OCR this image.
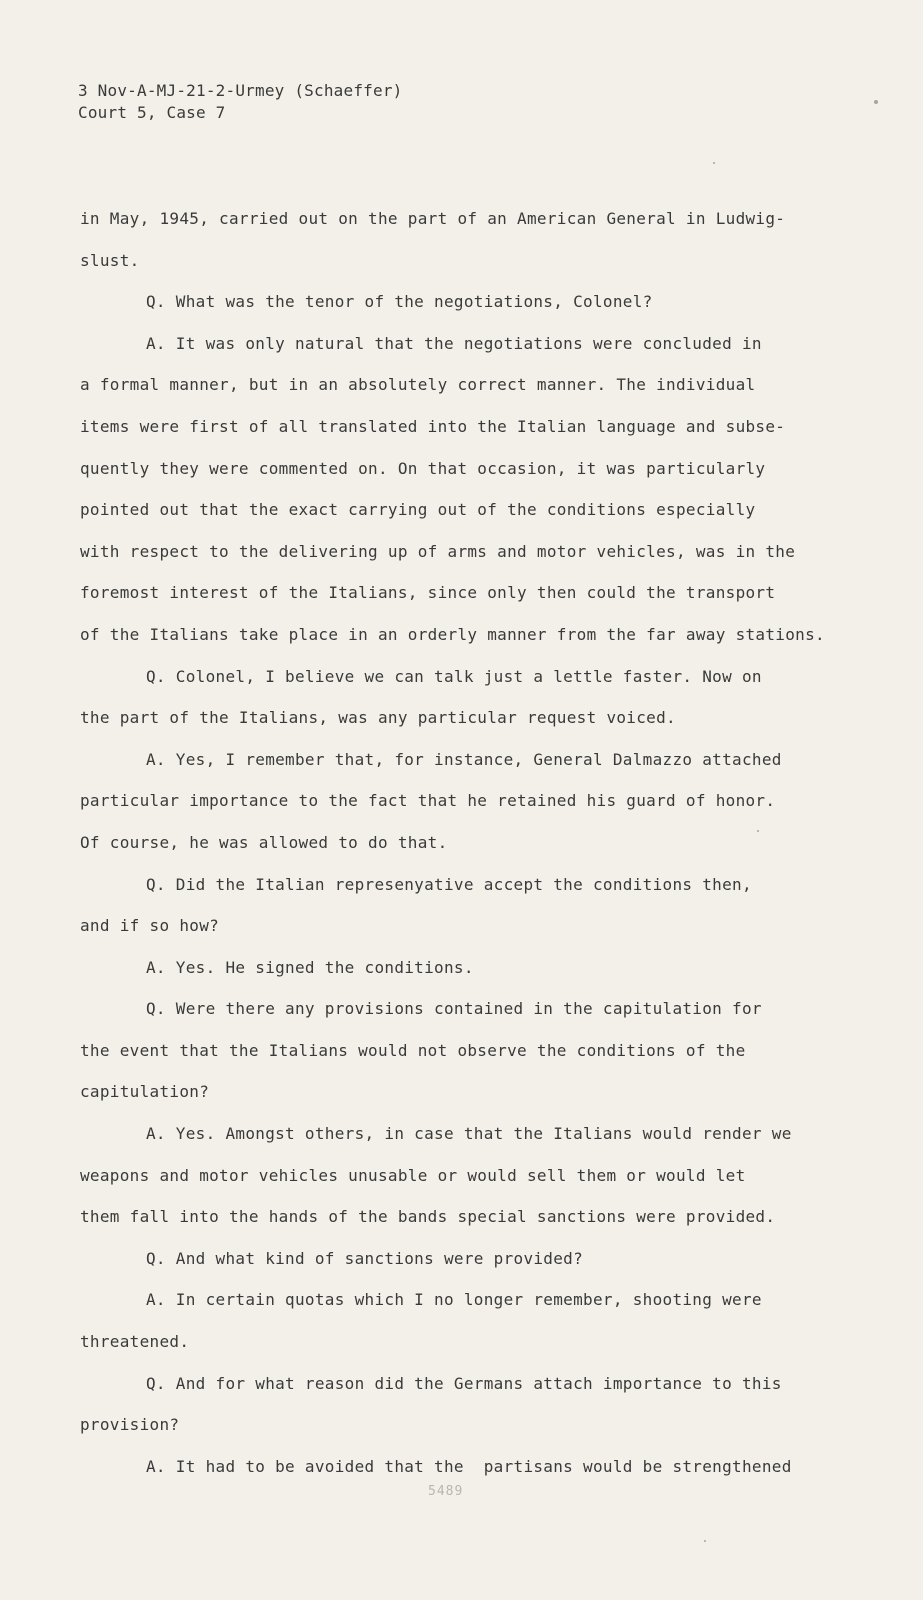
3 Nov-A-MJ-21-2-Urmey (Schaeffer)
Court 5, Case 7

in May, 1945, carried out on the part of an American General in Ludwig-
slust.

Q. What was the tenor of the negotiations, Colonel?

A. It was only natural that the negotiations were concluded in
a formal manner, but in an absolutely correct manner. The individual
items were first of all translated into the Italian language and subse-
quently they were commented on. On that occasion, it was particularly
pointed out that the exact carrying out of the conditions especially
with respect to the delivering up of arms and motor vehicles, was in the
foremost interest of the Italians, since only then could the transport
of the Italians take place in an orderly manner from the far away stations.

Q. Colonel, I believe we can talk just a lettle faster. Now on
the part of the Italians, was any particular request voiced.

A. Yes, I remember that, for instance, General Dalmazzo attached
particular importance to the fact that he retained his guard of honor.
Of course, he was allowed to do that.

Q. Did the Italian represenyative accept the conditions then,
and if so how?

A. Yes. He signed the conditions.

Q. Were there any provisions contained in the capitulation for
the event that the Italians would not observe the conditions of the
capitulation?

A. Yes. Amongst others, in case that the Italians would render we
weapons and motor vehicles unusable or would sell them or would let
them fall into the hands of the bands special sanctions were provided.

Q. And what kind of sanctions were provided?

A. In certain quotas which I no longer remember, shooting were
threatened.

Q. And for what reason did the Germans attach importance to this
provision?

A. It had to be avoided that the  partisans would be strengthened

5489
